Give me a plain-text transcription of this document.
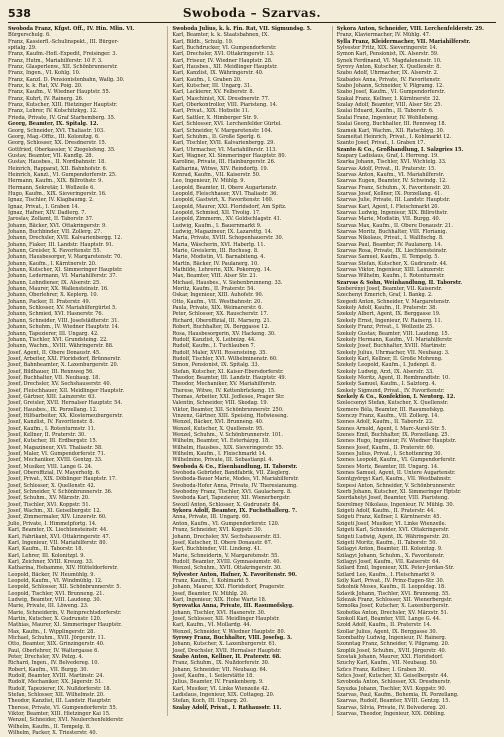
538	Swoboda – Szarvas.
Swoboda Franz, Kfgst. Off., IV. Hin. Mlin. VI.
Bürgerschulg. 6.
Franz, Kassierfl.-Schulinspekt., III. Bürger-
spitalg. 29.
Franz, Kaufm.-Hofl.-Expedit, Freisinger. 3.
Franz, Hutm., Mariahilferstr. 10 F. 3.
Franz, Glasperlenw., XII. Schönbrunnerstr.
Franz, Ingen., VI. Kohlg. 10.
Franz, Kanzl. D. Pensionistenbahn, Wallg. 30.
Franz, k. k. Rat, XV. Poig. 20.
Franz, Kaufm., V. Wiedner Hauptstr. 55.
Franz, Kuhrt, IV. Rainerg. 26.
Franz, Kutscher, XIII. Hietzinger Hauptstr.
Franz, Lehrer, IV. Kolschitzkyg. 12.
Frieda, Private, IV. Graf Starhemberg. 35.
Georg, Beamter, IX. Spitalg. 12.
Georg, Schneider, XVI. Thaliastr. 103.
Georg, Mag.-Offiz., III. Kolonitzg. 6.
Georg, Schlosser, XX. Dresdnerstr. 15.
Gottfried, Oberkassier, V. Ziegelofeng. 35.
Gustav, Beamter, VII. Kandlg. 28.
Gustav, Hausbes., II. Nordbahnstr. 18.
Heinrich, Rapparat, XII. Bahnhofstr. 6.
Heinrich, Kanzl., VI. Gumpendorferstr. 25.
Hermann, Kaufm., XIX. Billrothstr. 9.
Hermann, Sekretär, I. Wollzeile 6.
Hugo, Kaufm., XIX. Sieveringerstr. 16.
Ignaz, Tischler, IV. Klagbaumg. 2.
Ignaz, Privat., I. Graben 14.
Ignaz, Hafner, XIV. Dadlerg. 7.
Jaroslav, Zollamt, II. Taborstr. 37.
Johann, Bäcker, XVI. Ottakringerstr. 9.
Johann, Buchbinder, VII. Zollerg. 27.
Johann, Drechsler, XVII. Kalvarienbergg. 12.
Johann, Fiaker, III. Landstr. Hauptstr. 91.
Johann, Greisler, X. Favoritenstr. 55.
Johann, Hausbesorger, V. Margaretenstr. 70.
Johann, Kaufm., I. Kärntnerstr. 20.
Johann, Kutscher, XI. Simmeringer Hauptstr.
Johann, Ledermann, VI. Mariahilferstr. 37.
Johann, Lohndiener, IX. Alserstr. 25.
Johann, Maurer, XX. Wallensteinstr. 16.
Johann, Oberlehrer, X. Keplerg. 10.
Johann, Packer, II. Praterstr. 49.
Johann, Schlosser, XV. Mariahilfergürtel 5.
Johann, Schmied, XVI. Hasnerstr. 76.
Johann, Schneider, VIII. Josefstädterstr. 31.
Johann, Schuhm., IV. Wiedner Hauptstr. 14.
Johann, Tapezierer, III. Ungarg. 42.
Johann, Tischler, XVI. Grundsteing. 22.
Johann, Wachm., XVIII. Währingerstr. 88.
Josef, Agent, II. Obere Donaustr. 45.
Josef, Arbeiter, XXI. Floridsdorf, Brünnerstr.
Josef, Bahnbeamter, X. Laxenburgerstr. 20.
Josef, Bildhauer, III. Rennweg 56.
Josef, Buchhalter, VII. Neubaug. 18.
Josef, Drechsler, XV. Sechshauserstr. 40.
Josef, Fleischhauer, XII. Meidlinger Hauptstr.
Josef, Gärtner, XIII. Lainzerstr. 63.
Josef, Greisler, XVII. Hernalser Hauptstr. 54.
Josef, Hausbes., IX. Porzellang. 12.
Josef, Hilfsarbeiter, XX. Klosterneuburgerstr.
Josef, Kanzlist, IV. Favoritenstr. 8.
Josef, Kaufm., I. Rotenturmstr. 11.
Josef, Kellner, II. Praterstr. 30.
Josef, Kutscher, III. Erdbergstr. 15.
Josef, Magazineur, XVI. Thaliastr. 58.
Josef, Maler, VI. Gumpendorferstr. 71.
Josef, Mechaniker, XVIII. Gentzg. 33.
Josef, Musiker, VIII. Lange G. 24.
Josef, Oberoffizial, IV. Mayerhofg. 6.
Josef, Privat., XIX. Döblinger Hauptstr. 17.
Josef, Schlosser, X. Quellenstr. 42.
Josef, Schneider, V. Schönbrunnerstr. 36.
Josef, Schuhm., XV. Märzstr. 20.
Josef, Tischler, XVI. Koppstr. 51.
Josef, Wachm., XI. Geiselbergstr. 12.
Josef, Zimmermaler, XIV. Linzerstr. 60.
Julie, Private, I. Himmelpfortg. 14.
Karl, Beamter, IX. Liechtensteinstr. 44.
Karl, Fabrikant, XVI. Ottakringerstr. 47.
Karl, Ingenieur, VII. Mariahilferstr. 80.
Karl, Kaufm., II. Taborstr. 18.
Karl, Lehrer, III. Kolonitzpl. 9.
Karl, Zeichner, XVIII. Kreuzg. 33.
Katharina, Hebamme, XIV. Hütteldorferstr.
Leopold, Bäcker, IV. Heumühlg. 9.
Leopold, Kaufm., VI. Windmühlg. 12.
Leopold, Schlosser, XII. Schönbrunnerstr. 5.
Leopold, Tischler, XVI. Brunneng. 21.
Ludwig, Beamter, VIII. Laudong. 30.
Marie, Private, III. Löweng. 23.
Marie, Schneiderin, V. Reinprechtsdorferstr.
Martin, Kutscher, X. Gudrunstr. 120.
Mathias, Maurer, XI. Simmeringer Hauptstr.
Max, Kaufm., I. Wipplingerstr. 28.
Michael, Schuhm., XVII. Jörgerstr. 11.
Otto, Beamter, XIX. Grinzingerstr. 40.
Paul, Oberlehrer, IV. Waltergasse 6.
Peter, Drechsler, XV. Pelzg. 4.
Richard, Ingen., IV. Belvedereg. 10.
Robert, Kaufm., VII. Burgg. 30.
Rudolf, Beamter, XVIII. Martinstr. 24.
Rudolf, Mechaniker, XX. Jägerstr. 51.
Rudolf, Tapezierer, IX. Nußdorferstr. 18.
Stefan, Schlosser, XII. Wilhelmstr. 20.
Theodor, Kanzlist, III. Landstr. Hauptstr.
Therese, Private, VI. Gumpendorferstr. 55.
Viktor, Beamter, XIII. Hietzinger Kai 15.
Wenzel, Schneider, XVI. Neulerchenfelderstr.
Wilhelm, Kaufm., II. Tempelg. 8.
Wilhelm, Packer, X. Triesterstr. 40.
Swoboda Julius, k. k. Fin. Rat, VII. Sigmundsg. 5.
Karl, Beamter, k. k. Staatsbahnen, IX.
Karl, Bildh., Schulg. 19.
Karl, Buchdrucker, VI. Gumpendorferstr.
Karl, Drechsler, XVI. Ottakringerstr. 13.
Karl, Friseur, IV. Wiedner Hauptstr. 28.
Karl, Hausbes., XII. Meidlinger Hauptstr.
Karl, Kanzlist, IX. Währingerstr. 40.
Karl, Kaufm., I. Graben 20.
Karl, Kutscher, III. Ungarg. 31.
Karl, Lackierer, XV. Felberstr. 8.
Karl, Maschinist, XX. Dresdnerstr. 77.
Karl, Oberkontrollor, VIII. Piaristeng. 14.
Karl, Privat., XIX. Hofzeile 11.
Karl, Sattler, X. Himberger Str. 9.
Karl, Schlosser, XVI. Lerchenfelder Gürtel.
Karl, Schneider, V. Margaretenstr. 104.
Karl, Schuhm., II. Große Sperlg. 6.
Karl, Tischler, XVII. Kalvarienbergg. 29.
Karl, Uhrmacher, VI. Mariahilferstr. 113.
Karl, Wagner, XI. Simmeringer Hauptstr. 80.
Karoline, Private, III. Hainburgerstr. 26.
Katharina, Witwe, XIV. Reindorfg. 19.
Konrad, Kaufm., VII. Kaiserstr. 50.
Leo, Ingenieur, IV. Mühlg. 9.
Leopold, Beamter, II. Obere Augartenstr.
Leopold, Fleischhauer, XVI. Thaliastr. 36.
Leopold, Gastwirt, X. Favoritenstr. 160.
Leopold, Maurer, XXI. Floridsdorf, Am Spitz.
Leopold, Schmied, XII. Tivolig. 17.
Leopold, Zimmerm., XV. Goldschlagstr. 41.
Ludwig, Kaufm., I. Bauernmarkt 9.
Ludwig, Magazineur, IX. Lazarettg. 14.
Maria, Private, XVIII. Schopenhauerstr. 30.
Maria, Wäscherin, XVI. Haberlg. 11.
Marie, Greislerin, III. Rochusg. 8.
Marie, Modistin, VI. Barnabiteng. 4.
Martin, Bäcker, IV. Paulanerg. 10.
Mathilde, Lehrerin, XIX. Pokornyg. 14.
Max, Beamter, VIII. Alser Str. 21.
Michael, Hausbes., V. Siebenbrunneng. 33.
Moritz, Kaufm., II. Praterstr. 54.
Oskar, Ingenieur, XIII. Auhofstr. 90.
Otto, Kaufm., VII. Westbahnstr. 20.
Paula, Private, XIX. Weimarerstr. 6.
Peter, Schlosser, XX. Rauscherstr. 17.
Richard, Oberoffizial, III. Marxerg. 21.
Robert, Buchhalter, IX. Berggasse 12.
Rosa, Hausbesorgerin, XV. Hackeng. 30.
Rudolf, Kanzlist, X. Leibnizg. 44.
Rudolf, Kaufm., I. Tuchlauben 7.
Rudolf, Maler, XVII. Rosensteing. 35.
Rudolf, Tischler, XVI. Wilhelminenstr. 60.
Simon, Pensionist, IX. Spitalg. 33.
Stefan, Kutscher, XI. Kaiser-Ebersdorferstr.
Theodor, Beamter, III. Landstr. Hauptstr. 49.
Theodor, Mechaniker, XV. Mariahilferstr.
Therese, Witwe, IV. Kettenbrückeng. 15.
Thomas, Arbeiter, XXI. Jedlesee, Prager Str.
Valentin, Schneider, VIII. Skodag. 19.
Viktor, Beamter, XII. Schönbrunnerstr. 250.
Vinzenz, Gärtner, XIII. Speising, Hofwieseng.
Wenzel, Bäcker, XVI. Brunneng. 40.
Wenzel, Kutscher, X. Quellenstr. 95.
Wenzel, Schuhm., V. Schönbrunnerstr. 101.
Wilhelm, Beamter, VI. Esterházyg. 18.
Wilhelm, Hausbes., XIX. Sieveringerstr. 55.
Wilhelm, Kaufm., I. Fleischmarkt 14.
Wilhelmine, Private, III. Sebastianpl. 4.
Swoboda & Co., Eisenhandlung, II. Taborstr.
Swoboda Gebrüder, Bandfabrik, VII. Zieglerg.
Swoboda-Bauer Marie, Modes, VI. Mariahilferstr.
Swoboda-Hofer Anna, Private, IV. Theresianumg.
Swobodny Franz, Tischler, XVI. Gaulacherg. 8.
Swoboda Karl, Tapezierer, XII. Wienerbergstr.
Swozil Anton, Schlosser, X. Gudrunstr. 84.
Sykora Adolf, Beamter, IX. Fuchsthallerg. 7.
Anna, Private, III. Ungarg. 60.
Anton, Kaufm., VI. Gumpendorferstr. 120.
Franz, Schneider, XVI. Koppstr. 30.
Johann, Drechsler, XV. Sechshauserstr. 83.
Josef, Kutscher, II. Obere Donaustr. 67.
Karl, Buchbinder, VII. Lindeng. 41.
Marie, Schneiderin, V. Margaretenstr. 55.
Rudolf, Beamter, XVIII. Gymnasiumstr. 40.
Wenzel, Schuhm., XVII. Ottakringerstr. 30.
Sylvester Anton, Hafner, X. Favoritenstr. 90.
Franz, Kaufm., I. Kohlmarkt 5.
Johann, Maurer, XXI. Floridsdorf, Pragerstr.
Josef, Beamter, IV. Mühlg. 20.
Karl, Ingenieur, XIX. Hohe Warte 18.
Syrovatka Anna, Private, III. Rasumofskyg.
Johann, Tischler, XVI. Hasnerstr. 30.
Josef, Schlosser, XII. Meidlinger Hauptstr.
Karl, Kaufm., VI. Mollardg. 44.
Wenzel, Schneider, V. Wiedner Hauptstr. 80.
Syrowy Franz, Buchhalter, VIII. Josefsg. 3.
Johann, Kutscher, X. Laxenburgerstr. 61.
Josef, Drechsler, XVII. Hernalser Hauptstr.
Szabo Anton, Kellner, II. Praterstr. 68.
Franz, Schuhm., IX. Nußdorferstr. 30.
Johann, Schneider, VII. Neubaug. 64.
Josef, Kaufm., I. Seilerstätte 18.
Julius, Beamter, IV. Frankenberg. 9.
Karl, Musiker, VI. Linke Wienzeile 42.
Ladislaus, Ingenieur, XIX. Cottageg. 20.
Stefan, Koch, III. Ungarg. 20.
Szalay Adolf, Privat., I. Rathausstr. 11.
Sykora Anton, Schneider, VIII. Lerchenfelderstr. 29.
Franz, Klaviermacher, IV. Mühlg. 47.
Sylla Franz, Kleidermacher, VII. Mariahilferstr.
Sylvester Fritz, XIX. Sieveringerstr. 14.
Symon Karl, Pensionist, IX. Alserstr. 59.
Synek Ferdinand, VI. Magdalenenstr. 10.
Syrovy Anton, Kutscher, X. Quellenstr. 8.
Szabo Adolf, Uhrmacher, IX. Alserstr. 2.
Szabados Anna, Private, IV. Favoritenstr.
Szabo Johann, Schneider, V. Pilgramg. 12.
Szabo Josef, Kaufm., VI. Gumpendorferstr.
Szakal Franz, Kellner, I. Kärntnerstr. 32.
Szalay Adolf, Beamter, VIII. Alser Str. 25.
Szalai Eduard, Kaufm., II. Taborstr. 6.
Szalai Franz, Ingenieur, IV. Wohllebeng.
Szalai Georg, Buchhalter, III. Rennweg 18.
Szamek Karl, Wachm., XII. Ratschkyg. 30.
Szameitat Heinrich, Privat., I. Kohlmarkt 12.
Szanto Josef, Privat., I. Graben 17.
Szanto & Co., Großhandlung, I. Salzgries 15.
Szapary Ladislaus, Graf, I. Herreng. 19.
Szarka Johann, Tischler, XVI. Wichtelg. 33.
Szarvas Adolf, Privat., II. Praterstr. 15.
Szarvas Anton, Kaufm., VI. Mariahilferstr.
Szarvas Eugen, Beamter, IV. Schwindg. 12.
Szarvas Franz, Schuhm., X. Favoritenstr. 20.
Szarvas Josef, Kellner, IX. Porzellang. 41.
Szarvas Julie, Private, III. Landstr. Hauptstr.
Szarvas Karl, Agent, I. Fleischmarkt 20.
Szarvas Ludwig, Ingenieur, XIX. Billrothstr.
Szarvas Marie, Modistin, VII. Burgg. 40.
Szarvas Max, Kaufm., II. Obere Donaustr. 21.
Szarvas Moritz, Buchhalter, VIII. Florianig.
Szarvas Nikolaus, Privat., I. Wallfischg. 8.
Szarvas Paul, Beamter, IV. Paulanerg. 14.
Szarvas Rosa, Private, IX. Liechtensteinstr.
Szarvas Samuel, Kaufm., II. Tempelg. 5.
Szarvas Stefan, Kutscher, X. Gudrunstr. 44.
Szarvas Viktor, Ingenieur, XIII. Lainzerstr.
Szarvas Wilhelm, Kaufm., I. Rotenturmstr.
Szarvas & Sohn, Weinhandlung, II. Taborstr.
Szeberényi Josef, Beamter, VII. Kaiserstr.
Szechenyi Emerich, Graf, I. Bankg. 2.
Szegedi Anton, Schneider, V. Margaretenstr.
Szekely Adolf, Kaufm., II. Praterstr. 38.
Szekely Albert, Agent, IX. Berggasse 19.
Szekely Ernst, Ingenieur, IV. Rainerg. 11.
Szekely Franz, Privat., I. Wollzeile 25.
Szekely Gustav, Beamter, VIII. Laudong. 15.
Szekely Hermann, Kaufm., VI. Mariahilferstr.
Szekely Josef, Buchhalter, XVIII. Martinstr.
Szekely Julius, Uhrmacher, VII. Neubaug. 3.
Szekely Karl, Kellner, II. Große Mohreng.
Szekely Leopold, Kaufm., I. Judenpl. 8.
Szekely Ludwig, Arzt, IX. Alserstr. 33.
Szekely Moritz, Agent, II. Rembrandtstr. 10.
Szekely Samuel, Kaufm., I. Salztorg. 4.
Szekely Sigmund, Privat., IV. Favoritenstr.
Szekely & Co., Konfektion, I. Neutorg. 12.
Szelecsenyi Stefan, Kutscher, X. Quellenstr.
Szemere Béla, Beamter, III. Rasumofskyg.
Szenczy Franz, Kaufm., VII. Zollerg. 14.
Szenes Adolf, Kaufm., II. Taborstr. 22.
Szenes Arnold, Agent, I. Marc-Aurel-Str. 5.
Szenes Emil, Buchhalter, IX. Porzellang. 25.
Szenes Hugo, Ingenieur, IV. Wiedner Hauptstr.
Szenes Josef, Kaufm., II. Praterstr. 60.
Szenes Julius, Privat., I. Schottenring 30.
Szenes Leopold, Kaufm., VI. Gumpendorferstr.
Szenes Moriz, Beamter, III. Ungarg. 14.
Szenes Samuel, Agent, II. Untere Augartenstr.
Szentgyörgyi Karl, Kaufm., VII. Westbahnstr.
Szepesi Anton, Schneider, V. Schönbrunnerstr.
Szerb Johann, Kutscher, XI. Simmeringer Hptstr.
Szerdahelyi Josef, Beamter, VIII. Piaristeng.
Szerelmey Nikolaus, Ingenieur, IV. Mühlg. 30.
Szigeti Adolf, Kaufm., II. Praterstr. 44.
Szigeti Franz, Kellner, I. Kärntnerstr. 45.
Szigeti Josef, Musiker, VI. Linke Wienzeile.
Szigeti Karl, Schneider, XVI. Ottakringerstr.
Szigeti Ludwig, Agent, IX. Währingerstr. 20.
Szigeti Moritz, Kaufm., II. Taborstr. 50.
Szilagyi Anton, Beamter, III. Kolonitzg. 9.
Szilagyi Johann, Schuhm., X. Favoritenstr.
Szilagyi Josef, Kaufm., VII. Kaiserstr. 64.
Szilard Emil, Ingenieur, XIX. Peter-Jordan-Str.
Szilard Leo, Kaufm., I. Fleischmarkt 9.
Szily Karl, Privat., IV. Prinz-Eugen-Str. 30.
Szkolnik Moses, Kaufm., II. Leopoldsg. 18.
Szlavik Johann, Tischler, XVI. Brunneng. 55.
Szlezak Franz, Schlosser, XII. Wienerbergstr.
Szmolka Josef, Kutscher, X. Laxenburgerstr.
Szobotka Anton, Drechsler, XV. Märzstr. 51.
Szokoll Karl, Beamter, VIII. Lange G. 44.
Szold Adolf, Kaufm., II. Praterstr. 14.
Szollar Julius, Agent, IX. Berggasse 30.
Szombathy Ludwig, Ingenieur, IV. Rainerg.
Szonntag Franz, Schneider, V. Pilgramg. 20.
Szoplik Josef, Schuhm., XVII. Jörgerstr. 40.
Szostak Johann, Maurer, XXI. Floridsdorf.
Szuchy Karl, Kaufm., VII. Neubaug. 50.
Szücs Franz, Kellner, I. Graben 30.
Szücs Josef, Kutscher, XI. Geiselbergstr. 44.
Szvoboda Anton, Schlosser, XX. Dresdnerstr.
Szyszka Johann, Tischler, XVI. Koppstr. 90.
Szarvas, Paul, Kaufm., Bohemia, IX. Porzellang.
Szarvas, Rudolf, Beamter, XVIII. Gentzg. 15.
Szarvas, Silvia, Private, IV. Belvedereg. 20.
Szarvas, Theodor, Ingenieur, XIX. Döbling.
